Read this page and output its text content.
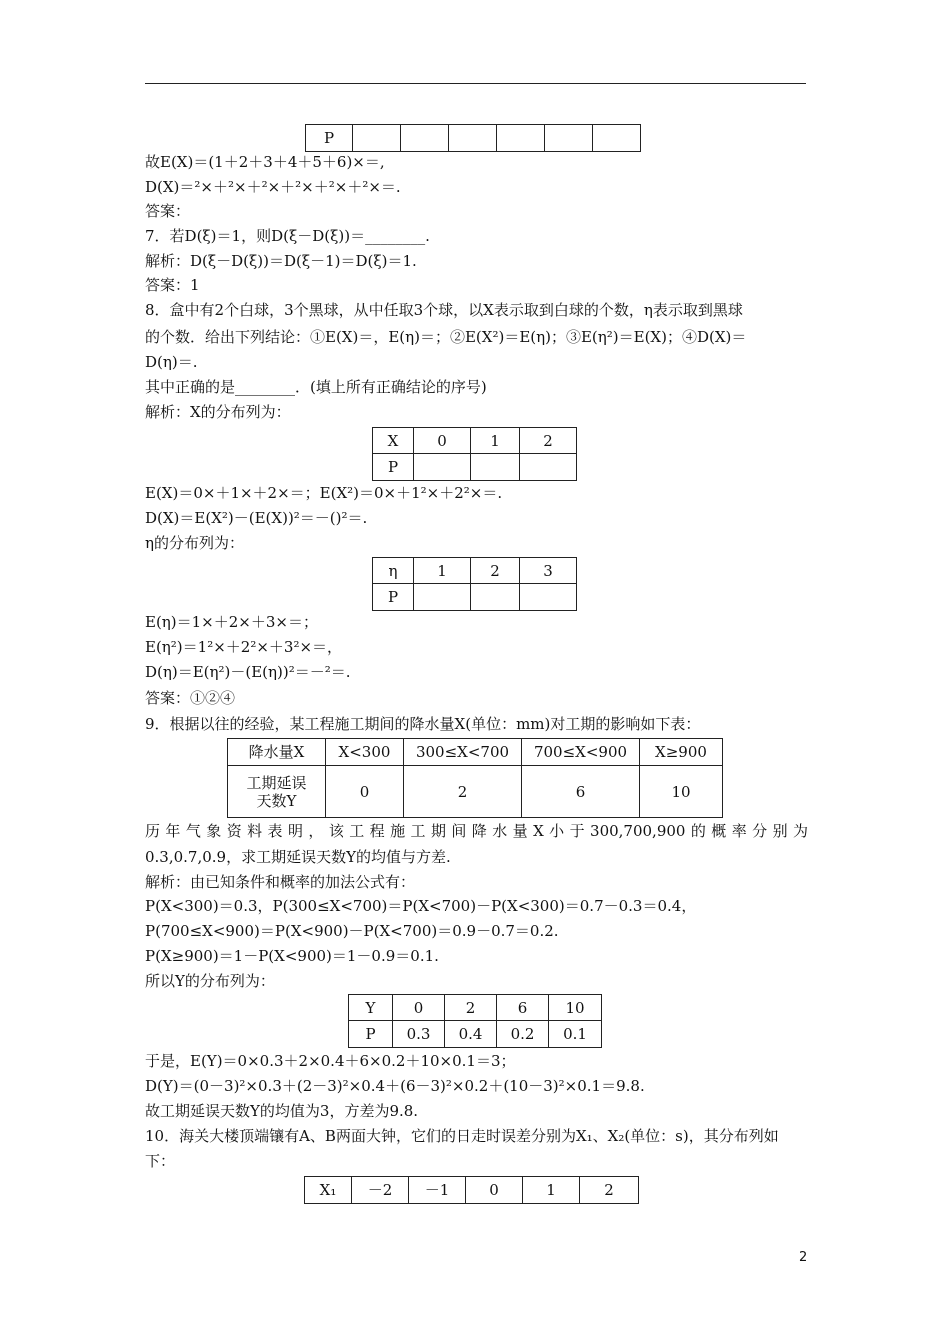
P						
故E(X)＝(1＋2＋3＋4＋5＋6)×＝,
D(X)＝²×＋²×＋²×＋²×＋²×＋²×＝.
答案：
7．若D(ξ)＝1，则D(ξ－D(ξ))＝________.
解析：D(ξ－D(ξ))＝D(ξ－1)＝D(ξ)＝1.
答案：1
8．盒中有2个白球，3个黑球，从中任取3个球，以X表示取到白球的个数，η表示取到黑球
的个数．给出下列结论：①E(X)＝，E(η)＝；②E(X²)＝E(η)；③E(η²)＝E(X)；④D(X)＝
D(η)＝.
其中正确的是________．(填上所有正确结论的序号)
解析：X的分布列为：
E(X)＝0×＋1×＋2×＝；E(X²)＝0×＋1²×＋2²×＝.
D(X)＝E(X²)－(E(X))²＝－()²＝.
η的分布列为：
E(η)＝1×＋2×＋3×＝；
E(η²)＝1²×＋2²×＋3²×＝，
D(η)＝E(η²)－(E(η))²＝－²＝.
答案：①②④
9．根据以往的经验，某工程施工期间的降水量X(单位：mm)对工期的影响如下表：
历年气象资料表明，该工程施工期间降水量X小于300,700,900的概率分别为
0.3,0.7,0.9，求工期延误天数Y的均值与方差.
解析：由已知条件和概率的加法公式有：
P(X<300)＝0.3，P(300≤X<700)＝P(X<700)－P(X<300)＝0.7－0.3＝0.4，
P(700≤X<900)＝P(X<900)－P(X<700)＝0.9－0.7＝0.2.
P(X≥900)＝1－P(X<900)＝1－0.9＝0.1.
所以Y的分布列为：
于是，E(Y)＝0×0.3＋2×0.4＋6×0.2＋10×0.1＝3；
D(Y)＝(0－3)²×0.3＋(2－3)²×0.4＋(6－3)²×0.2＋(10－3)²×0.1＝9.8.
故工期延误天数Y的均值为3，方差为9.8.
10．海关大楼顶端镶有A、B两面大钟，它们的日走时误差分别为X₁、X₂(单位：s)，其分布列如
下：
X	0	1	2
P			
η	1	2	3
P			
降水量X	X<300	300≤X<700	700≤X<900	X≥900

工期延误
天数Y	0	2	6	10
Y	0	2	6	10
P	0.3	0.4	0.2	0.1
X₁	－2	－1	0	1	2
2
